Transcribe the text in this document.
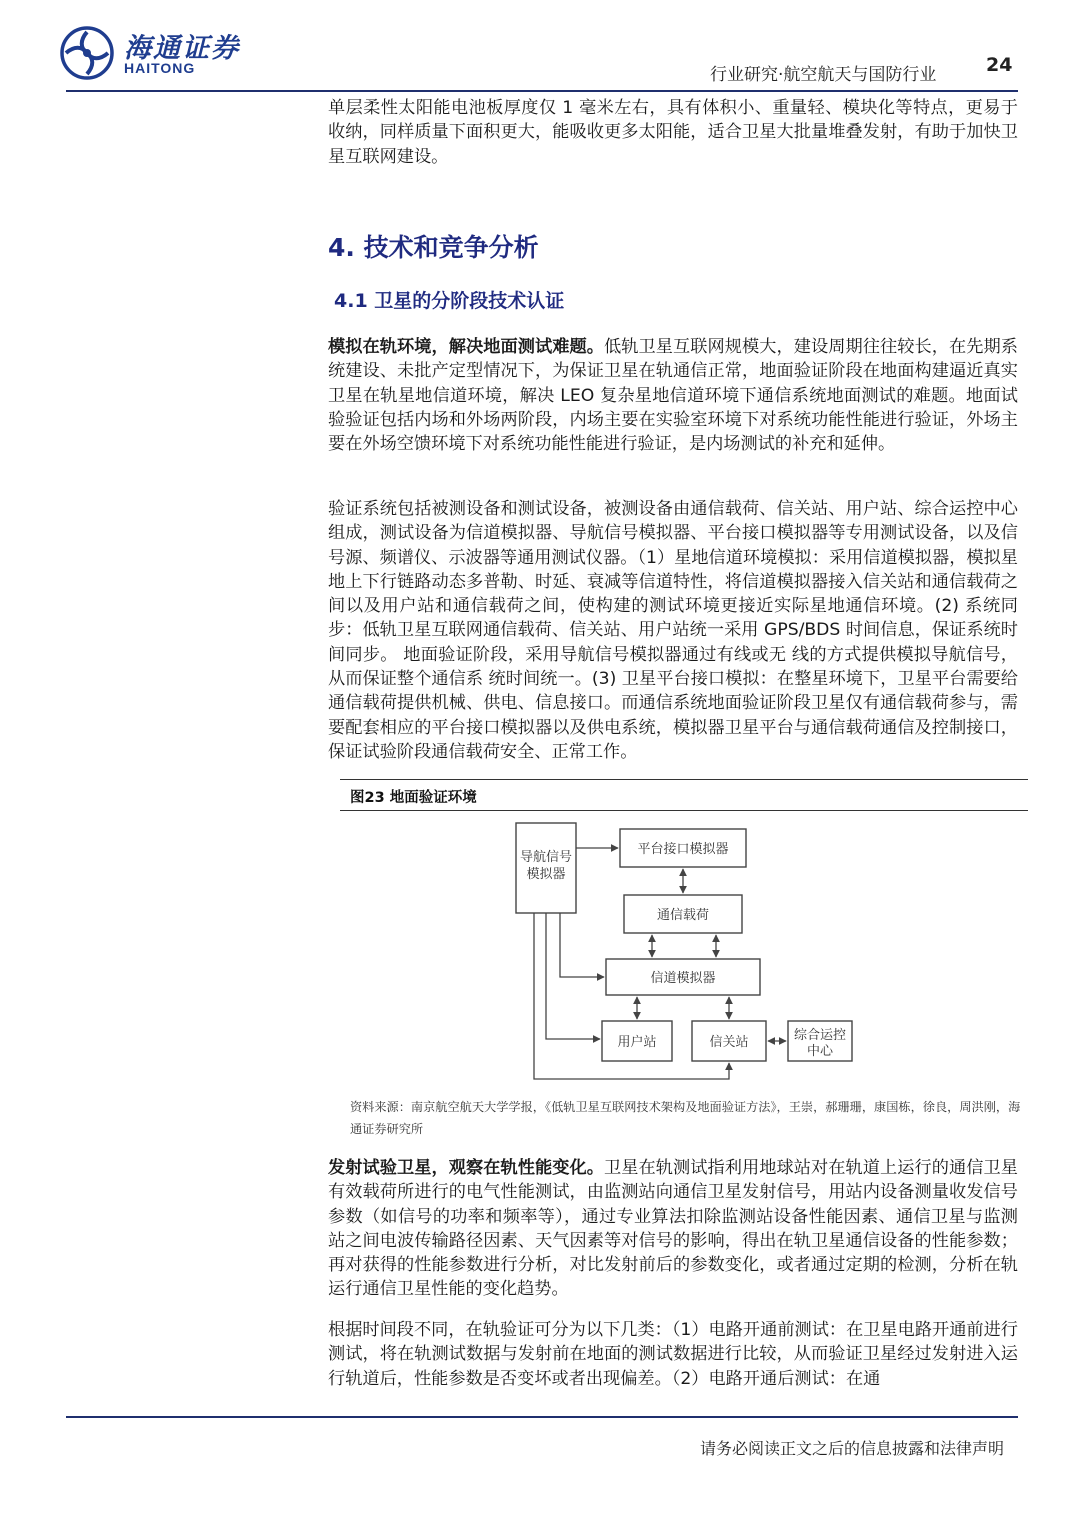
海通证券
HAITONG	行业研究·航空航天与国防行业	24
单层柔性太阳能电池板厚度仅 1 毫米左右，具有体积小、重量轻、模块化等特点，更易于收纳，同样质量下面积更大，能吸收更多太阳能，适合卫星大批量堆叠发射，有助于加快卫星互联网建设。
4. 技术和竞争分析
4.1 卫星的分阶段技术认证
模拟在轨环境，解决地面测试难题。低轨卫星互联网规模大，建设周期往往较长，在先期系统建设、未批产定型情况下，为保证卫星在轨通信正常，地面验证阶段在地面构建逼近真实卫星在轨星地信道环境，解决 LEO 复杂星地信道环境下通信系统地面测试的难题。地面试验验证包括内场和外场两阶段，内场主要在实验室环境下对系统功能性能进行验证，外场主要在外场空馈环境下对系统功能性能进行验证，是内场测试的补充和延伸。
验证系统包括被测设备和测试设备，被测设备由通信载荷、信关站、用户站、综合运控中心组成，测试设备为信道模拟器、导航信号模拟器、平台接口模拟器等专用测试设备，以及信号源、频谱仪、示波器等通用测试仪器。（1）星地信道环境模拟：采用信道模拟器，模拟星地上下行链路动态多普勒、时延、衰减等信道特性，将信道模拟器接入信关站和通信载荷之间以及用户站和通信载荷之间，使构建的测试环境更接近实际星地通信环境。(2) 系统同步：低轨卫星互联网通信载荷、信关站、用户站统一采用 GPS/BDS 时间信息，保证系统时间同步。 地面验证阶段，采用导航信号模拟器通过有线或无 线的方式提供模拟导航信号，从而保证整个通信系 统时间统一。(3) 卫星平台接口模拟：在整星环境下，卫星平台需要给通信载荷提供机械、供电、信息接口。而通信系统地面验证阶段卫星仅有通信载荷参与，需要配套相应的平台接口模拟器以及供电系统，模拟器卫星平台与通信载荷通信及控制接口，保证试验阶段通信载荷安全、正常工作。
图23 地面验证环境
导航信号
模拟器
平台接口模拟器
通信载荷
信道模拟器
用户站	信关站	综合运控
中心
资料来源：南京航空航天大学学报，《低轨卫星互联网技术架构及地面验证方法》，王崇，郝珊珊，康国栋，徐良，周洪刚，海通证券研究所
发射试验卫星，观察在轨性能变化。卫星在轨测试指利用地球站对在轨道上运行的通信卫星有效载荷所进行的电气性能测试，由监测站向通信卫星发射信号，用站内设备测量收发信号参数（如信号的功率和频率等），通过专业算法扣除监测站设备性能因素、通信卫星与监测站之间电波传输路径因素、天气因素等对信号的影响，得出在轨卫星通信设备的性能参数；再对获得的性能参数进行分析，对比发射前后的参数变化，或者通过定期的检测，分析在轨运行通信卫星性能的变化趋势。
根据时间段不同，在轨验证可分为以下几类：（1）电路开通前测试：在卫星电路开通前进行测试，将在轨测试数据与发射前在地面的测试数据进行比较，从而验证卫星经过发射进入运行轨道后，性能参数是否变坏或者出现偏差。（2）电路开通后测试：在通
请务必阅读正文之后的信息披露和法律声明
